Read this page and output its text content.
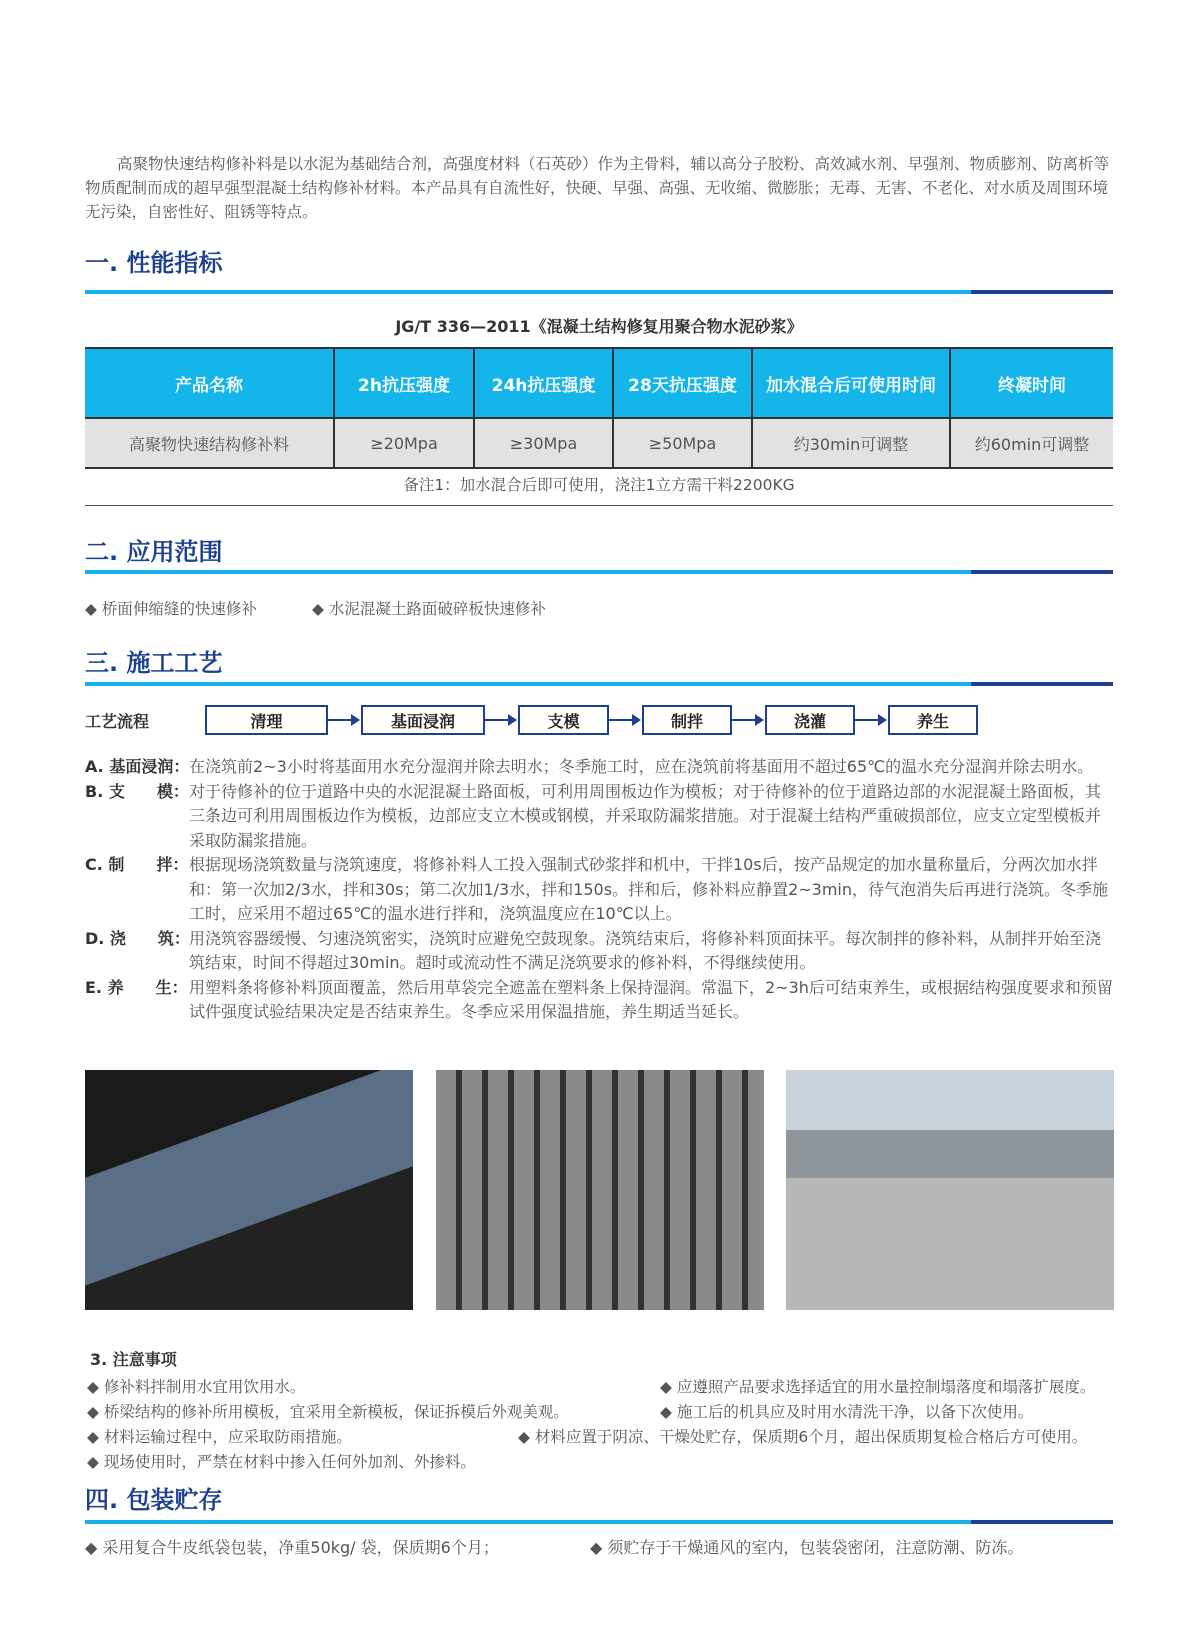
高聚物快速结构修补料是以水泥为基础结合剂，高强度材料（石英砂）作为主骨料，辅以高分子胶粉、高效减水剂、早强剂、物质膨剂、防离析等物质配制而成的超早强型混凝土结构修补材料。本产品具有自流性好，快硬、早强、高强、无收缩、微膨胀；无毒、无害、不老化、对水质及周围环境无污染，自密性好、阻锈等特点。
一. 性能指标
JG/T 336—2011《混凝土结构修复用聚合物水泥砂浆》
产品名称	2h抗压强度	24h抗压强度	28天抗压强度	加水混合后可使用时间	终凝时间
高聚物快速结构修补料	≥20Mpa	≥30Mpa	≥50Mpa	约30min可调整	约60min可调整
备注1：加水混合后即可使用，浇注1立方需干料2200KG
二. 应用范围
◆ 桥面伸缩缝的快速修补	◆ 水泥混凝土路面破碎板快速修补
三. 施工工艺
工艺流程	清理	基面浸润	支模	制拌	浇灌	养生
A. 基面浸润： 在浇筑前2~3小时将基面用水充分湿润并除去明水；冬季施工时，应在浇筑前将基面用不超过65℃的温水充分湿润并除去明水。
B. 支　　模： 对于待修补的位于道路中央的水泥混凝土路面板，可利用周围板边作为模板；对于待修补的位于道路边部的水泥混凝土路面板，其三条边可利用周围板边作为模板，边部应支立木模或钢模，并采取防漏浆措施。对于混凝土结构严重破损部位，应支立定型模板并采取防漏浆措施。
C. 制　　拌： 根据现场浇筑数量与浇筑速度，将修补料人工投入强制式砂浆拌和机中，干拌10s后，按产品规定的加水量称量后，分两次加水拌和：第一次加2/3水，拌和30s；第二次加1/3水，拌和150s。拌和后，修补料应静置2~3min，待气泡消失后再进行浇筑。冬季施工时，应采用不超过65℃的温水进行拌和，浇筑温度应在10℃以上。
D. 浇　　筑： 用浇筑容器缓慢、匀速浇筑密实，浇筑时应避免空鼓现象。浇筑结束后，将修补料顶面抹平。每次制拌的修补料，从制拌开始至浇筑结束，时间不得超过30min。超时或流动性不满足浇筑要求的修补料，不得继续使用。
E. 养　　生： 用塑料条将修补料顶面覆盖，然后用草袋完全遮盖在塑料条上保持湿润。常温下，2~3h后可结束养生，或根据结构强度要求和预留试件强度试验结果决定是否结束养生。冬季应采用保温措施，养生期适当延长。
3. 注意事项
◆ 修补料拌制用水宜用饮用水。	◆ 应遵照产品要求选择适宜的用水量控制塌落度和塌落扩展度。
◆ 桥梁结构的修补所用模板，宜采用全新模板，保证拆模后外观美观。	◆ 施工后的机具应及时用水清洗干净，以备下次使用。
◆ 材料运输过程中，应采取防雨措施。	◆ 材料应置于阴凉、干燥处贮存，保质期6个月，超出保质期复检合格后方可使用。
◆ 现场使用时，严禁在材料中掺入任何外加剂、外掺料。
四. 包装贮存
◆ 采用复合牛皮纸袋包装，净重50kg/ 袋，保质期6个月；	◆ 须贮存于干燥通风的室内，包装袋密闭，注意防潮、防冻。
